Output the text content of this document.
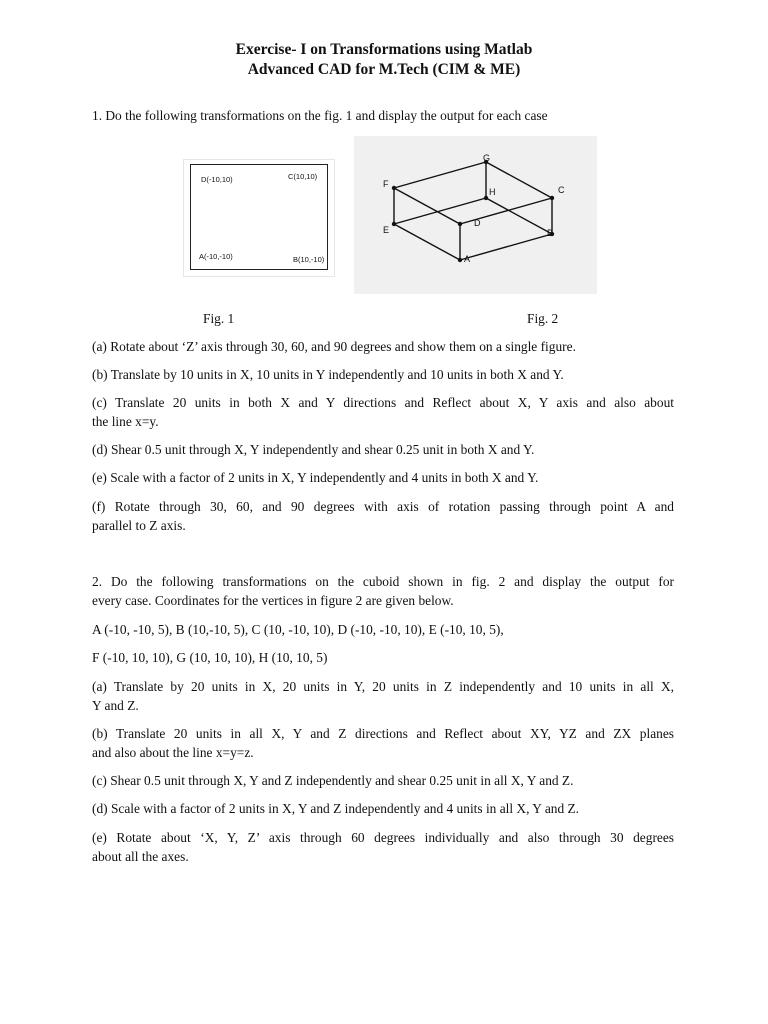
Exercise- I on Transformations using Matlab
Advanced CAD for M.Tech (CIM & ME)
1. Do the following transformations on the fig. 1 and display the output for each case
D(-10,10)	C(10,10)
A(-10,-10)	B(10,-10)
G
F
H	C
D
E	B
A
Fig. 1	Fig. 2
(a) Rotate about ‘Z’ axis through 30, 60, and 90 degrees and show them on a single figure.
(b) Translate by 10 units in X, 10 units in Y independently and 10 units in both X and Y.
(c) Translate 20 units in both X and Y directions and Reflect about X, Y axis and also about
the line x=y.
(d) Shear 0.5 unit through X, Y independently and shear 0.25 unit in both X and Y.
(e) Scale with a factor of 2 units in X, Y independently and 4 units in both X and Y.
(f) Rotate through 30, 60, and 90 degrees with axis of rotation passing through point A and
parallel to Z axis.
2. Do the following transformations on the cuboid shown in fig. 2 and display the output for
every case. Coordinates for the vertices in figure 2 are given below.
A (-10, -10, 5), B (10,-10, 5), C (10, -10, 10), D (-10, -10, 10), E (-10, 10, 5),
F (-10, 10, 10), G (10, 10, 10), H (10, 10, 5)
(a) Translate by 20 units in X, 20 units in Y, 20 units in Z independently and 10 units in all X,
Y and Z.
(b) Translate 20 units in all X, Y and Z directions and Reflect about XY, YZ and ZX planes
and also about the line x=y=z.
(c) Shear 0.5 unit through X, Y and Z independently and shear 0.25 unit in all X, Y and Z.
(d) Scale with a factor of 2 units in X, Y and Z independently and 4 units in all X, Y and Z.
(e) Rotate about ‘X, Y, Z’ axis through 60 degrees individually and also through 30 degrees
about all the axes.
